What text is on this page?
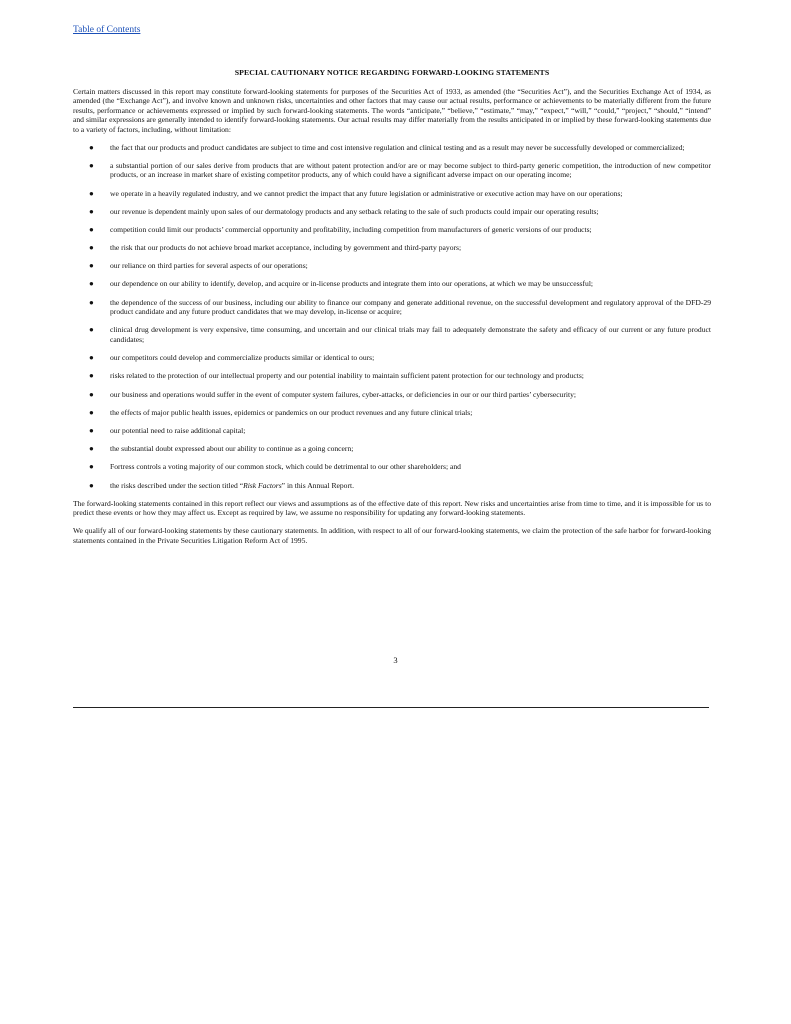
Table of Contents
SPECIAL CAUTIONARY NOTICE REGARDING FORWARD-LOOKING STATEMENTS

Certain matters discussed in this report may constitute forward-looking statements for purposes of the Securities Act of 1933, as amended (the “Securities Act”), and the Securities Exchange Act of 1934, as amended (the “Exchange Act”), and involve known and unknown risks, uncertainties and other factors that may cause our actual results, performance or achievements to be materially different from the future results, performance or achievements expressed or implied by such forward-looking statements. The words “anticipate,” “believe,” “estimate,” “may,” “expect,” “will,” “could,” “project,” “should,” “intend” and similar expressions are generally intended to identify forward-looking statements. Our actual results may differ materially from the results anticipated in or implied by these forward-looking statements due to a variety of factors, including, without limitation:

● the fact that our products and product candidates are subject to time and cost intensive regulation and clinical testing and as a result may never be successfully developed or commercialized;
● a substantial portion of our sales derive from products that are without patent protection and/or are or may become subject to third-party generic competition, the introduction of new competitor products, or an increase in market share of existing competitor products, any of which could have a significant adverse impact on our operating income;
● we operate in a heavily regulated industry, and we cannot predict the impact that any future legislation or administrative or executive action may have on our operations;
● our revenue is dependent mainly upon sales of our dermatology products and any setback relating to the sale of such products could impair our operating results;
● competition could limit our products’ commercial opportunity and profitability, including competition from manufacturers of generic versions of our products;
● the risk that our products do not achieve broad market acceptance, including by government and third-party payors;
● our reliance on third parties for several aspects of our operations;
● our dependence on our ability to identify, develop, and acquire or in-license products and integrate them into our operations, at which we may be unsuccessful;
● the dependence of the success of our business, including our ability to finance our company and generate additional revenue, on the successful development and regulatory approval of the DFD-29 product candidate and any future product candidates that we may develop, in-license or acquire;
● clinical drug development is very expensive, time consuming, and uncertain and our clinical trials may fail to adequately demonstrate the safety and efficacy of our current or any future product candidates;
● our competitors could develop and commercialize products similar or identical to ours;
● risks related to the protection of our intellectual property and our potential inability to maintain sufficient patent protection for our technology and products;
● our business and operations would suffer in the event of computer system failures, cyber-attacks, or deficiencies in our or our third parties’ cybersecurity;
● the effects of major public health issues, epidemics or pandemics on our product revenues and any future clinical trials;
● our potential need to raise additional capital;
● the substantial doubt expressed about our ability to continue as a going concern;
● Fortress controls a voting majority of our common stock, which could be detrimental to our other shareholders; and
● the risks described under the section titled “Risk Factors” in this Annual Report.

The forward-looking statements contained in this report reflect our views and assumptions as of the effective date of this report. New risks and uncertainties arise from time to time, and it is impossible for us to predict these events or how they may affect us. Except as required by law, we assume no responsibility for updating any forward-looking statements.

We qualify all of our forward-looking statements by these cautionary statements. In addition, with respect to all of our forward-looking statements, we claim the protection of the safe harbor for forward-looking statements contained in the Private Securities Litigation Reform Act of 1995.

3
